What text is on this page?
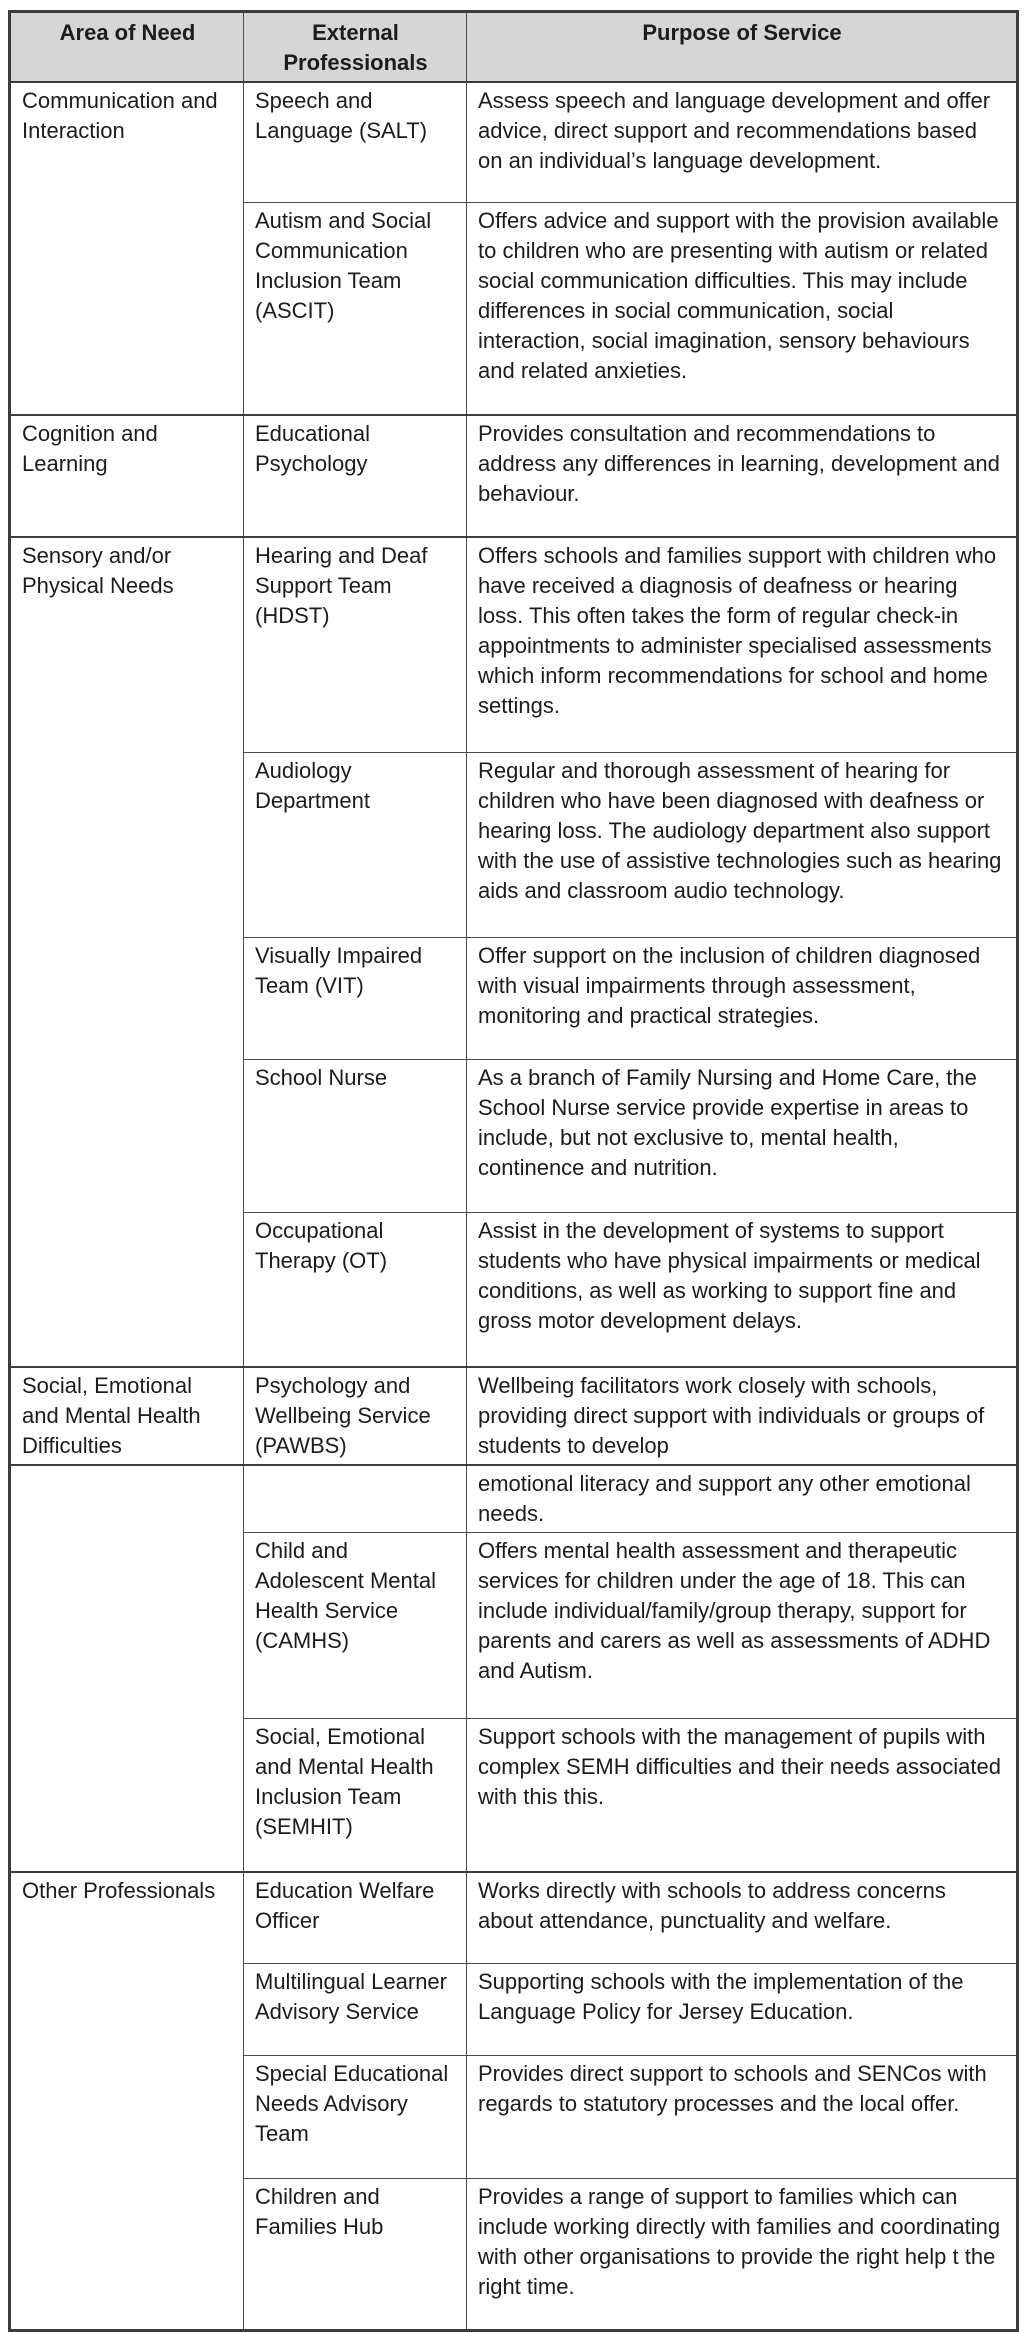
Area of Need	External Professionals	Purpose of Service
Communication and Interaction	Speech and Language (SALT)	Assess speech and language development and offer advice, direct support and recommendations based on an individual’s language development.
	Autism and Social Communication Inclusion Team (ASCIT)	Offers advice and support with the provision available to children who are presenting with autism or related social communication difficulties. This may include differences in social communication, social interaction, social imagination, sensory behaviours and related anxieties.
Cognition and Learning	Educational Psychology	Provides consultation and recommendations to address any differences in learning, development and behaviour.
Sensory and/or Physical Needs	Hearing and Deaf Support Team (HDST)	Offers schools and families support with children who have received a diagnosis of deafness or hearing loss. This often takes the form of regular check-in appointments to administer specialised assessments which inform recommendations for school and home settings.
	Audiology Department	Regular and thorough assessment of hearing for children who have been diagnosed with deafness or hearing loss. The audiology department also support with the use of assistive technologies such as hearing aids and classroom audio technology.
	Visually Impaired Team (VIT)	Offer support on the inclusion of children diagnosed with visual impairments through assessment, monitoring and practical strategies.
	School Nurse	As a branch of Family Nursing and Home Care, the School Nurse service provide expertise in areas to include, but not exclusive to, mental health, continence and nutrition.
	Occupational Therapy (OT)	Assist in the development of systems to support students who have physical impairments or medical conditions, as well as working to support fine and gross motor development delays.
Social, Emotional and Mental Health Difficulties	Psychology and Wellbeing Service (PAWBS)	Wellbeing facilitators work closely with schools, providing direct support with individuals or groups of students to develop
		emotional literacy and support any other emotional needs.
	Child and Adolescent Mental Health Service (CAMHS)	Offers mental health assessment and therapeutic services for children under the age of 18. This can include individual/family/group therapy, support for parents and carers as well as assessments of ADHD and Autism.
	Social, Emotional and Mental Health Inclusion Team (SEMHIT)	Support schools with the management of pupils with complex SEMH difficulties and their needs associated with this this.
Other Professionals	Education Welfare Officer	Works directly with schools to address concerns about attendance, punctuality and welfare.
	Multilingual Learner Advisory Service	Supporting schools with the implementation of the Language Policy for Jersey Education.
	Special Educational Needs Advisory Team	Provides direct support to schools and SENCos with regards to statutory processes and the local offer.
	Children and Families Hub	Provides a range of support to families which can include working directly with families and coordinating with other organisations to provide the right help t the right time.
